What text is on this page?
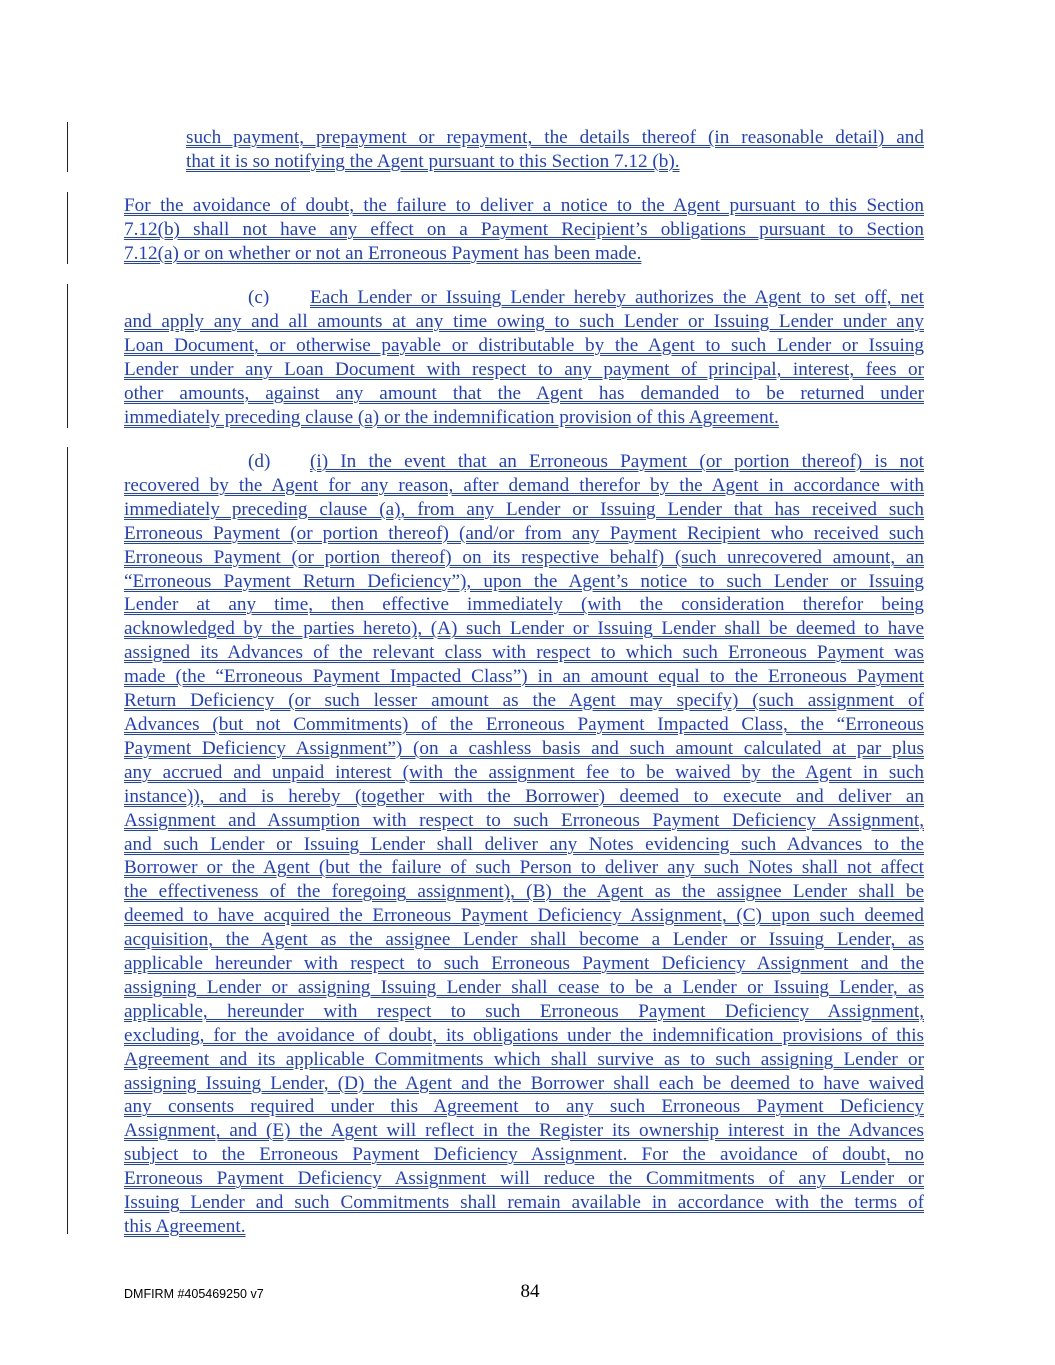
such payment, prepayment or repayment, the details thereof (in reasonable detail) and
that it is so notifying the Agent pursuant to this Section 7.12 (b).
For the avoidance of doubt, the failure to deliver a notice to the Agent pursuant to this Section
7.12(b) shall not have any effect on a Payment Recipient’s obligations pursuant to Section
7.12(a) or on whether or not an Erroneous Payment has been made.
(c) Each Lender or Issuing Lender hereby authorizes the Agent to set off, net
and apply any and all amounts at any time owing to such Lender or Issuing Lender under any
Loan Document, or otherwise payable or distributable by the Agent to such Lender or Issuing
Lender under any Loan Document with respect to any payment of principal, interest, fees or
other amounts, against any amount that the Agent has demanded to be returned under
immediately preceding clause (a) or the indemnification provision of this Agreement.
(d) (i) In the event that an Erroneous Payment (or portion thereof) is not
recovered by the Agent for any reason, after demand therefor by the Agent in accordance with
immediately preceding clause (a), from any Lender or Issuing Lender that has received such
Erroneous Payment (or portion thereof) (and/or from any Payment Recipient who received such
Erroneous Payment (or portion thereof) on its respective behalf) (such unrecovered amount, an
“Erroneous Payment Return Deficiency”), upon the Agent’s notice to such Lender or Issuing
Lender at any time, then effective immediately (with the consideration therefor being
acknowledged by the parties hereto), (A) such Lender or Issuing Lender shall be deemed to have
assigned its Advances of the relevant class with respect to which such Erroneous Payment was
made (the “Erroneous Payment Impacted Class”) in an amount equal to the Erroneous Payment
Return Deficiency (or such lesser amount as the Agent may specify) (such assignment of
Advances (but not Commitments) of the Erroneous Payment Impacted Class, the “Erroneous
Payment Deficiency Assignment”) (on a cashless basis and such amount calculated at par plus
any accrued and unpaid interest (with the assignment fee to be waived by the Agent in such
instance)), and is hereby (together with the Borrower) deemed to execute and deliver an
Assignment and Assumption with respect to such Erroneous Payment Deficiency Assignment,
and such Lender or Issuing Lender shall deliver any Notes evidencing such Advances to the
Borrower or the Agent (but the failure of such Person to deliver any such Notes shall not affect
the effectiveness of the foregoing assignment), (B) the Agent as the assignee Lender shall be
deemed to have acquired the Erroneous Payment Deficiency Assignment, (C) upon such deemed
acquisition, the Agent as the assignee Lender shall become a Lender or Issuing Lender, as
applicable hereunder with respect to such Erroneous Payment Deficiency Assignment and the
assigning Lender or assigning Issuing Lender shall cease to be a Lender or Issuing Lender, as
applicable, hereunder with respect to such Erroneous Payment Deficiency Assignment,
excluding, for the avoidance of doubt, its obligations under the indemnification provisions of this
Agreement and its applicable Commitments which shall survive as to such assigning Lender or
assigning Issuing Lender, (D) the Agent and the Borrower shall each be deemed to have waived
any consents required under this Agreement to any such Erroneous Payment Deficiency
Assignment, and (E) the Agent will reflect in the Register its ownership interest in the Advances
subject to the Erroneous Payment Deficiency Assignment. For the avoidance of doubt, no
Erroneous Payment Deficiency Assignment will reduce the Commitments of any Lender or
Issuing Lender and such Commitments shall remain available in accordance with the terms of
this Agreement.
DMFIRM #405469250 v7	84
